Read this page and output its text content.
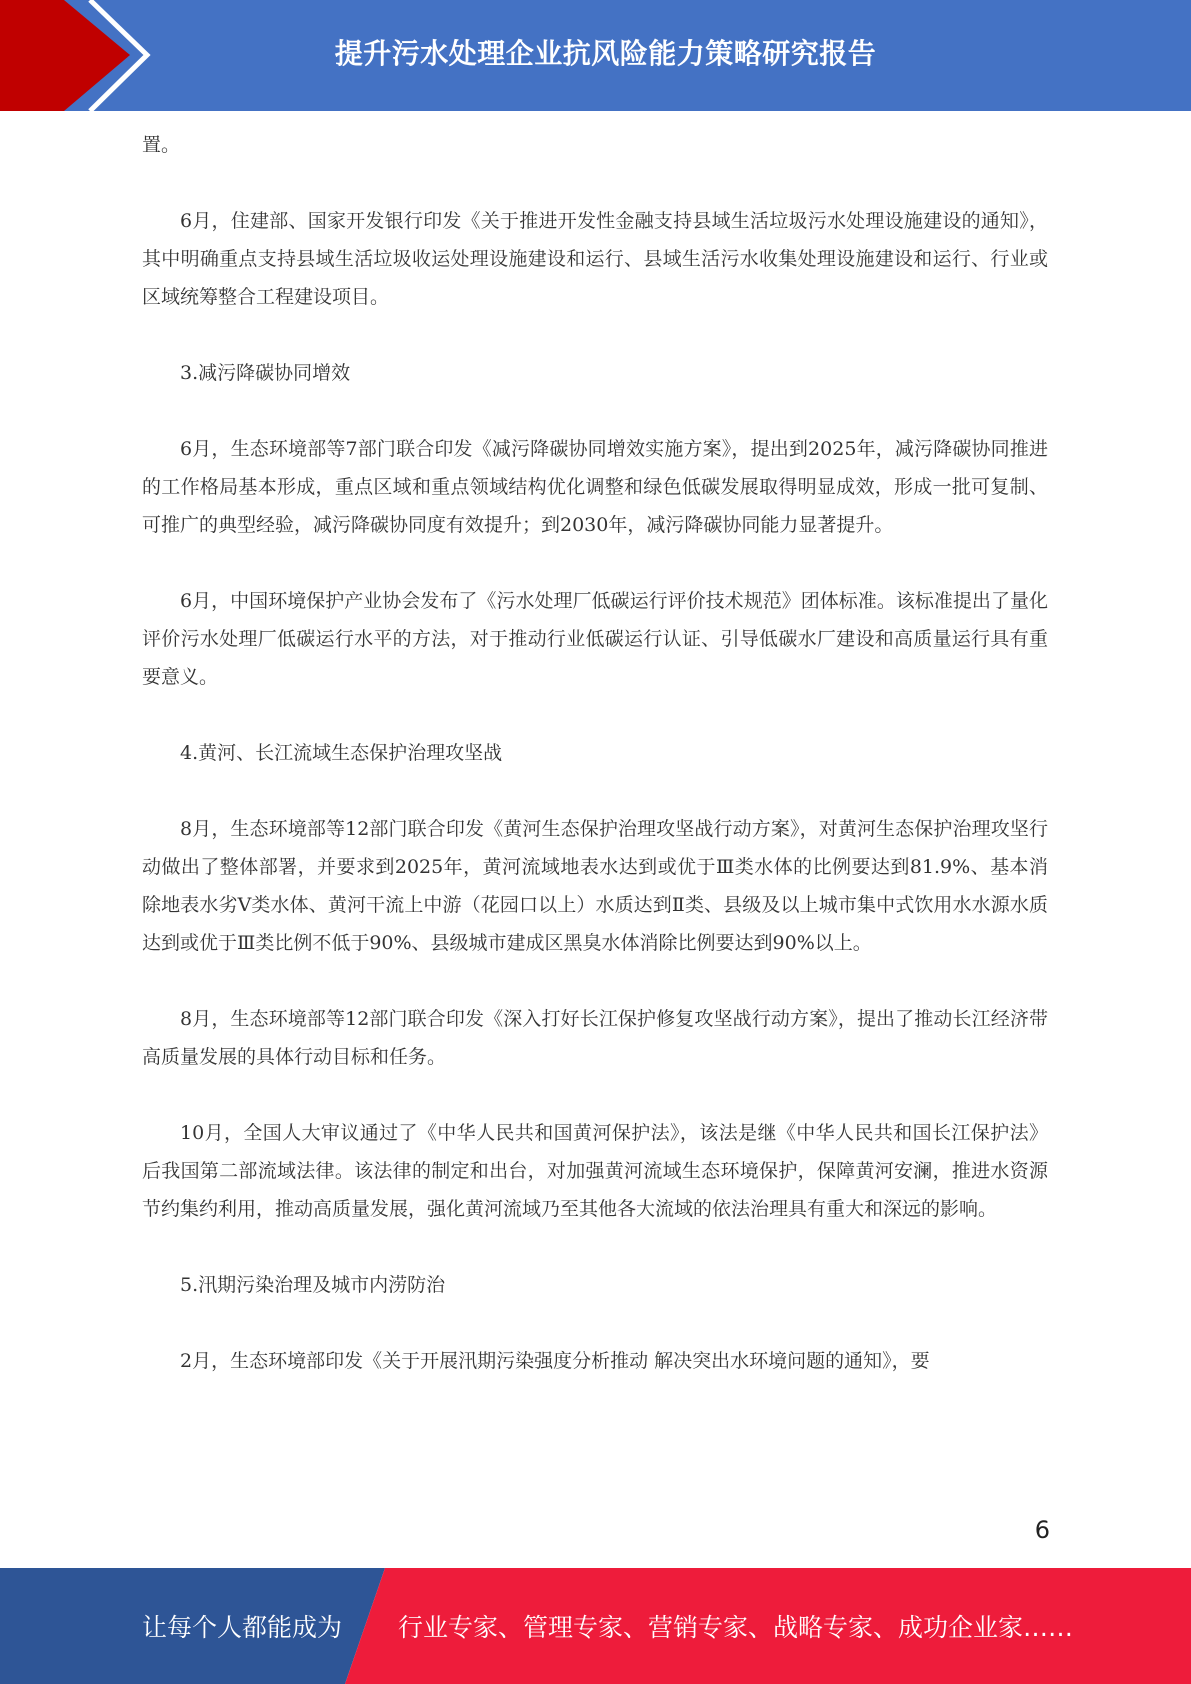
提升污水处理企业抗风险能力策略研究报告

置。

6月，住建部、国家开发银行印发《关于推进开发性金融支持县域生活垃圾污水处理设施建设的通知》，其中明确重点支持县域生活垃圾收运处理设施建设和运行、县域生活污水收集处理设施建设和运行、行业或区域统筹整合工程建设项目。

3.减污降碳协同增效

6月，生态环境部等7部门联合印发《减污降碳协同增效实施方案》，提出到2025年，减污降碳协同推进的工作格局基本形成，重点区域和重点领域结构优化调整和绿色低碳发展取得明显成效，形成一批可复制、可推广的典型经验，减污降碳协同度有效提升；到2030年，减污降碳协同能力显著提升。

6月，中国环境保护产业协会发布了《污水处理厂低碳运行评价技术规范》团体标准。该标准提出了量化评价污水处理厂低碳运行水平的方法，对于推动行业低碳运行认证、引导低碳水厂建设和高质量运行具有重要意义。

4.黄河、长江流域生态保护治理攻坚战

8月，生态环境部等12部门联合印发《黄河生态保护治理攻坚战行动方案》，对黄河生态保护治理攻坚行动做出了整体部署，并要求到2025年，黄河流域地表水达到或优于Ⅲ类水体的比例要达到81.9%、基本消除地表水劣Ⅴ类水体、黄河干流上中游（花园口以上）水质达到Ⅱ类、县级及以上城市集中式饮用水水源水质达到或优于Ⅲ类比例不低于90%、县级城市建成区黑臭水体消除比例要达到90%以上。

8月，生态环境部等12部门联合印发《深入打好长江保护修复攻坚战行动方案》，提出了推动长江经济带高质量发展的具体行动目标和任务。

10月，全国人大审议通过了《中华人民共和国黄河保护法》，该法是继《中华人民共和国长江保护法》后我国第二部流域法律。该法律的制定和出台，对加强黄河流域生态环境保护，保障黄河安澜，推进水资源节约集约利用，推动高质量发展，强化黄河流域乃至其他各大流域的依法治理具有重大和深远的影响。

5.汛期污染治理及城市内涝防治

2月，生态环境部印发《关于开展汛期污染强度分析推动 解决突出水环境问题的通知》，要

6
让每个人都能成为 行业专家、管理专家、营销专家、战略专家、成功企业家……
